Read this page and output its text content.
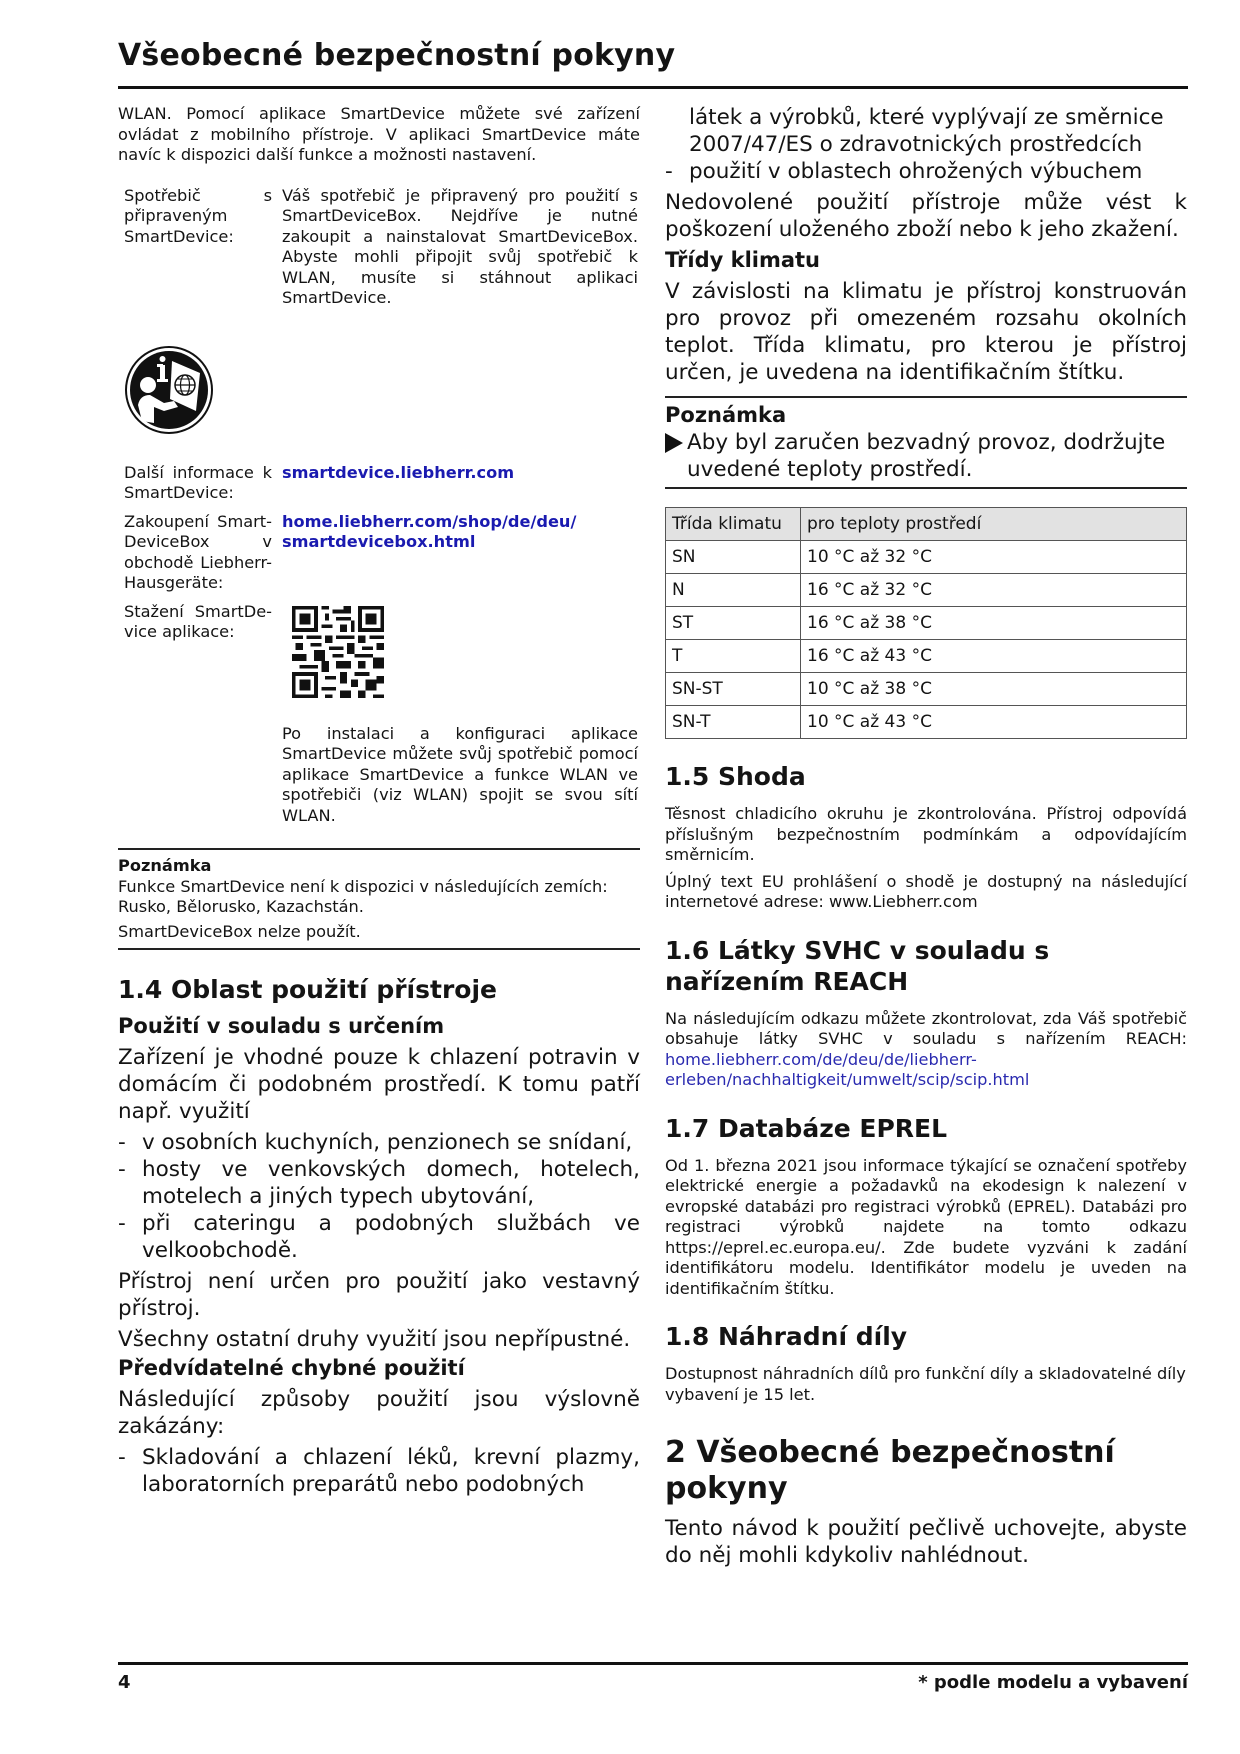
Všeobecné bezpečnostní pokyny

WLAN. Pomocí aplikace SmartDevice můžete své zařízení ovládat z mobilního přístroje. V aplikaci SmartDevice máte navíc k dispozici další funkce a možnosti nastavení.

Spotřebič s připraveným SmartDevice:
Váš spotřebič je připravený pro použití s SmartDeviceBox. Nejdříve je nutné zakoupit a nainstalovat SmartDeviceBox. Abyste mohli připojit svůj spotřebič k WLAN, musíte si stáhnout aplikaci SmartDevice.
Další informace k SmartDevice:
smartdevice.liebherr.com
Zakoupení SmartDeviceBox v obchodě Liebherr-Hausgeräte:
home.liebherr.com/shop/de/deu/ smartdevicebox.html
Stažení SmartDevice aplikace:
Po instalaci a konfiguraci aplikace SmartDevice můžete svůj spotřebič pomocí aplikace SmartDevice a funkce WLAN ve spotřebiči (viz WLAN) spojit se svou sítí WLAN.
Poznámka

Funkce SmartDevice není k dispozici v následujících zemích: Rusko, Bělorusko, Kazachstán.

SmartDeviceBox nelze použít.

1.4 Oblast použití přístroje
Použití v souladu s určením

Zařízení je vhodné pouze k chlazení potravin v domácím či podobném prostředí. K tomu patří např. využití

- v osobních kuchyních, penzionech se snídaní,
- hosty ve venkovských domech, hotelech, motelech a jiných typech ubytování,
- při cateringu a podobných službách ve velkoobchodě.

Přístroj není určen pro použití jako vestavný přístroj.

Všechny ostatní druhy využití jsou nepřípustné.

Předvídatelné chybné použití

Následující způsoby použití jsou výslovně zakázány:

- Skladování a chlazení léků, krevní plazmy, laboratorních preparátů nebo podobných
látek a výrobků, které vyplývají ze směrnice 2007/47/ES o zdravotnických prostředcích
- použití v oblastech ohrožených výbuchem

Nedovolené použití přístroje může vést k poškození uloženého zboží nebo k jeho zkažení.

Třídy klimatu

V závislosti na klimatu je přístroj konstruován pro provoz při omezeném rozsahu okolních teplot. Třída klimatu, pro kterou je přístroj určen, je uvedena na identifikačním štítku.

Poznámka
Aby byl zaručen bezvadný provoz, dodržujte uvedené teploty prostředí.
Třída klimatu	pro teploty prostředí
SN	10 °C až 32 °C
N	16 °C až 32 °C
ST	16 °C až 38 °C
T	16 °C až 43 °C
SN-ST	10 °C až 38 °C
SN-T	10 °C až 43 °C
1.5 Shoda

Těsnost chladicího okruhu je zkontrolována. Přístroj odpovídá příslušným bezpečnostním podmínkám a odpovídajícím směrnicím.

Úplný text EU prohlášení o shodě je dostupný na následující internetové adrese: www.Liebherr.com

1.6 Látky SVHC v souladu s nařízením REACH

Na následujícím odkazu můžete zkontrolovat, zda Váš spotřebič obsahuje látky SVHC v souladu s nařízením REACH: home.liebherr.com/de/deu/de/liebherr-erleben/nachhaltigkeit/umwelt/scip/scip.html

1.7 Databáze EPREL

Od 1. března 2021 jsou informace týkající se označení spotřeby elektrické energie a požadavků na ekodesign k nalezení v evropské databázi pro registraci výrobků (EPREL). Databázi pro registraci výrobků najdete na tomto odkazu https://eprel.ec.europa.eu/. Zde budete vyzváni k zadání identifikátoru modelu. Identifikátor modelu je uveden na identifikačním štítku.

1.8 Náhradní díly

Dostupnost náhradních dílů pro funkční díly a skladovatelné díly vybavení je 15 let.

2 Všeobecné bezpečnostní pokyny

Tento návod k použití pečlivě uchovejte, abyste do něj mohli kdykoliv nahlédnout.

4	* podle modelu a vybavení
